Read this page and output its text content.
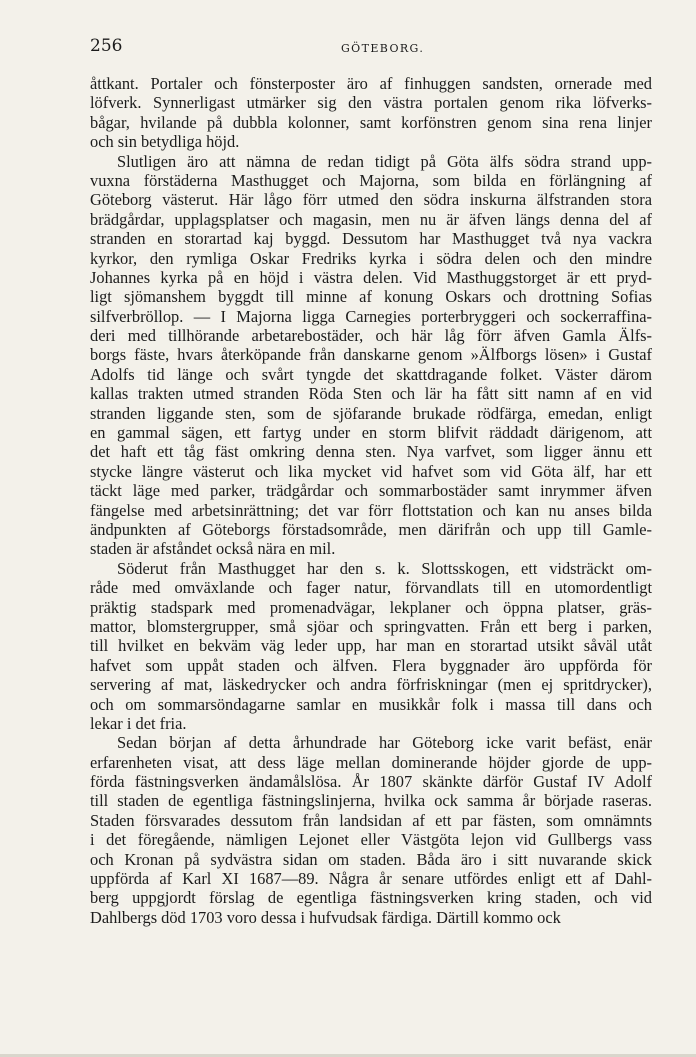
256	GÖTEBORG.
åttkant. Portaler och fönsterposter äro af finhuggen sandsten, ornerade med
löfverk. Synnerligast utmärker sig den västra portalen genom rika löfverks-
bågar, hvilande på dubbla kolonner, samt korfönstren genom sina rena linjer
och sin betydliga höjd.
Slutligen äro att nämna de redan tidigt på Göta älfs södra strand upp-
vuxna förstäderna Masthugget och Majorna, som bilda en förlängning af
Göteborg västerut. Här lågo förr utmed den södra inskurna älfstranden stora
brädgårdar, upplagsplatser och magasin, men nu är äfven längs denna del af
stranden en storartad kaj byggd. Dessutom har Masthugget två nya vackra
kyrkor, den rymliga Oskar Fredriks kyrka i södra delen och den mindre
Johannes kyrka på en höjd i västra delen. Vid Masthuggstorget är ett pryd-
ligt sjömanshem byggdt till minne af konung Oskars och drottning Sofias
silfverbröllop. — I Majorna ligga Carnegies porterbryggeri och sockerraffina-
deri med tillhörande arbetarebostäder, och här låg förr äfven Gamla Älfs-
borgs fäste, hvars återköpande från danskarne genom »Älfborgs lösen» i Gustaf
Adolfs tid länge och svårt tyngde det skattdragande folket. Väster därom
kallas trakten utmed stranden Röda Sten och lär ha fått sitt namn af en vid
stranden liggande sten, som de sjöfarande brukade rödfärga, emedan, enligt
en gammal sägen, ett fartyg under en storm blifvit räddadt därigenom, att
det haft ett tåg fäst omkring denna sten. Nya varfvet, som ligger ännu ett
stycke längre västerut och lika mycket vid hafvet som vid Göta älf, har ett
täckt läge med parker, trädgårdar och sommarbostäder samt inrymmer äfven
fängelse med arbetsinrättning; det var förr flottstation och kan nu anses bilda
ändpunkten af Göteborgs förstadsområde, men därifrån och upp till Gamle-
staden är afståndet också nära en mil.
Söderut från Masthugget har den s. k. Slottsskogen, ett vidsträckt om-
råde med omväxlande och fager natur, förvandlats till en utomordentligt
präktig stadspark med promenadvägar, lekplaner och öppna platser, gräs-
mattor, blomstergrupper, små sjöar och springvatten. Från ett berg i parken,
till hvilket en bekväm väg leder upp, har man en storartad utsikt såväl utåt
hafvet som uppåt staden och älfven. Flera byggnader äro uppförda för
servering af mat, läskedrycker och andra förfriskningar (men ej spritdrycker),
och om sommarsöndagarne samlar en musikkår folk i massa till dans och
lekar i det fria.
Sedan början af detta århundrade har Göteborg icke varit befäst, enär
erfarenheten visat, att dess läge mellan dominerande höjder gjorde de upp-
förda fästningsverken ändamålslösa. År 1807 skänkte därför Gustaf IV Adolf
till staden de egentliga fästningslinjerna, hvilka ock samma år började raseras.
Staden försvarades dessutom från landsidan af ett par fästen, som omnämnts
i det föregående, nämligen Lejonet eller Västgöta lejon vid Gullbergs vass
och Kronan på sydvästra sidan om staden. Båda äro i sitt nuvarande skick
uppförda af Karl XI 1687—89. Några år senare utfördes enligt ett af Dahl-
berg uppgjordt förslag de egentliga fästningsverken kring staden, och vid
Dahlbergs död 1703 voro dessa i hufvudsak färdiga. Därtill kommo ock
